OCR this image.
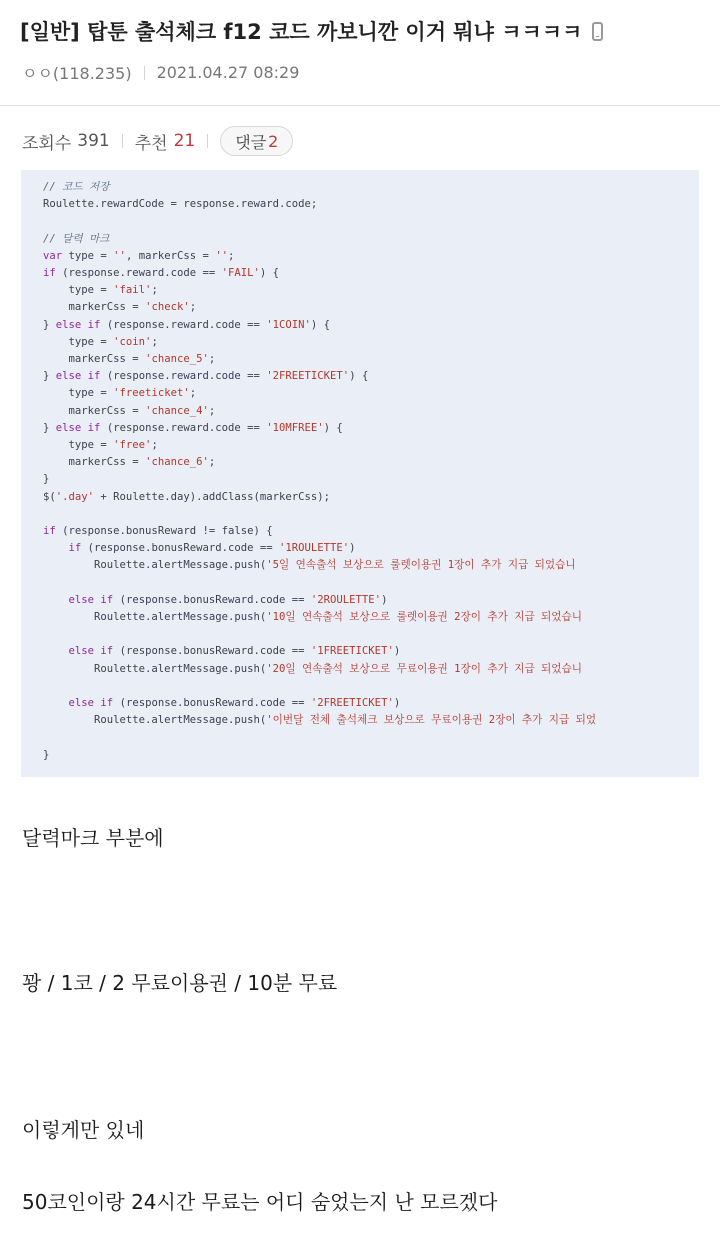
[일반] 탑툰 출석체크 f12 코드 까보니깐 이거 뭐냐 ㅋㅋㅋㅋ
ㅇㅇ(118.235) 2021.04.27 08:29
조회수 391 추천 21	댓글 2
// 코드 저장
Roulette.rewardCode = response.reward.code;
// 달력 마크
var type = '', markerCss = '';
if (response.reward.code == 'FAIL') {
type = 'fail';
markerCss = 'check';
} else if (response.reward.code == '1COIN') {
type = 'coin';
markerCss = 'chance_5';
} else if (response.reward.code == '2FREETICKET') {
type = 'freeticket';
markerCss = 'chance_4';
} else if (response.reward.code == '10MFREE') {
type = 'free';
markerCss = 'chance_6';
}
$('.day' + Roulette.day).addClass(markerCss);
if (response.bonusReward != false) {
if (response.bonusReward.code == '1ROULETTE')
Roulette.alertMessage.push('5일 연속출석 보상으로 룰렛이용권 1장이 추가 지급 되었습니
else if (response.bonusReward.code == '2ROULETTE')
Roulette.alertMessage.push('10일 연속출석 보상으로 룰렛이용권 2장이 추가 지급 되었습니
else if (response.bonusReward.code == '1FREETICKET')
Roulette.alertMessage.push('20일 연속출석 보상으로 무료이용권 1장이 추가 지급 되었습니
else if (response.bonusReward.code == '2FREETICKET')
Roulette.alertMessage.push('이번달 전체 출석체크 보상으로 무료이용권 2장이 추가 지급 되었
}
달력마크 부분에
꽝 / 1코 / 2 무료이용권 / 10분 무료
이렇게만 있네
50코인이랑 24시간 무료는 어디 숨었는지 난 모르겠다
